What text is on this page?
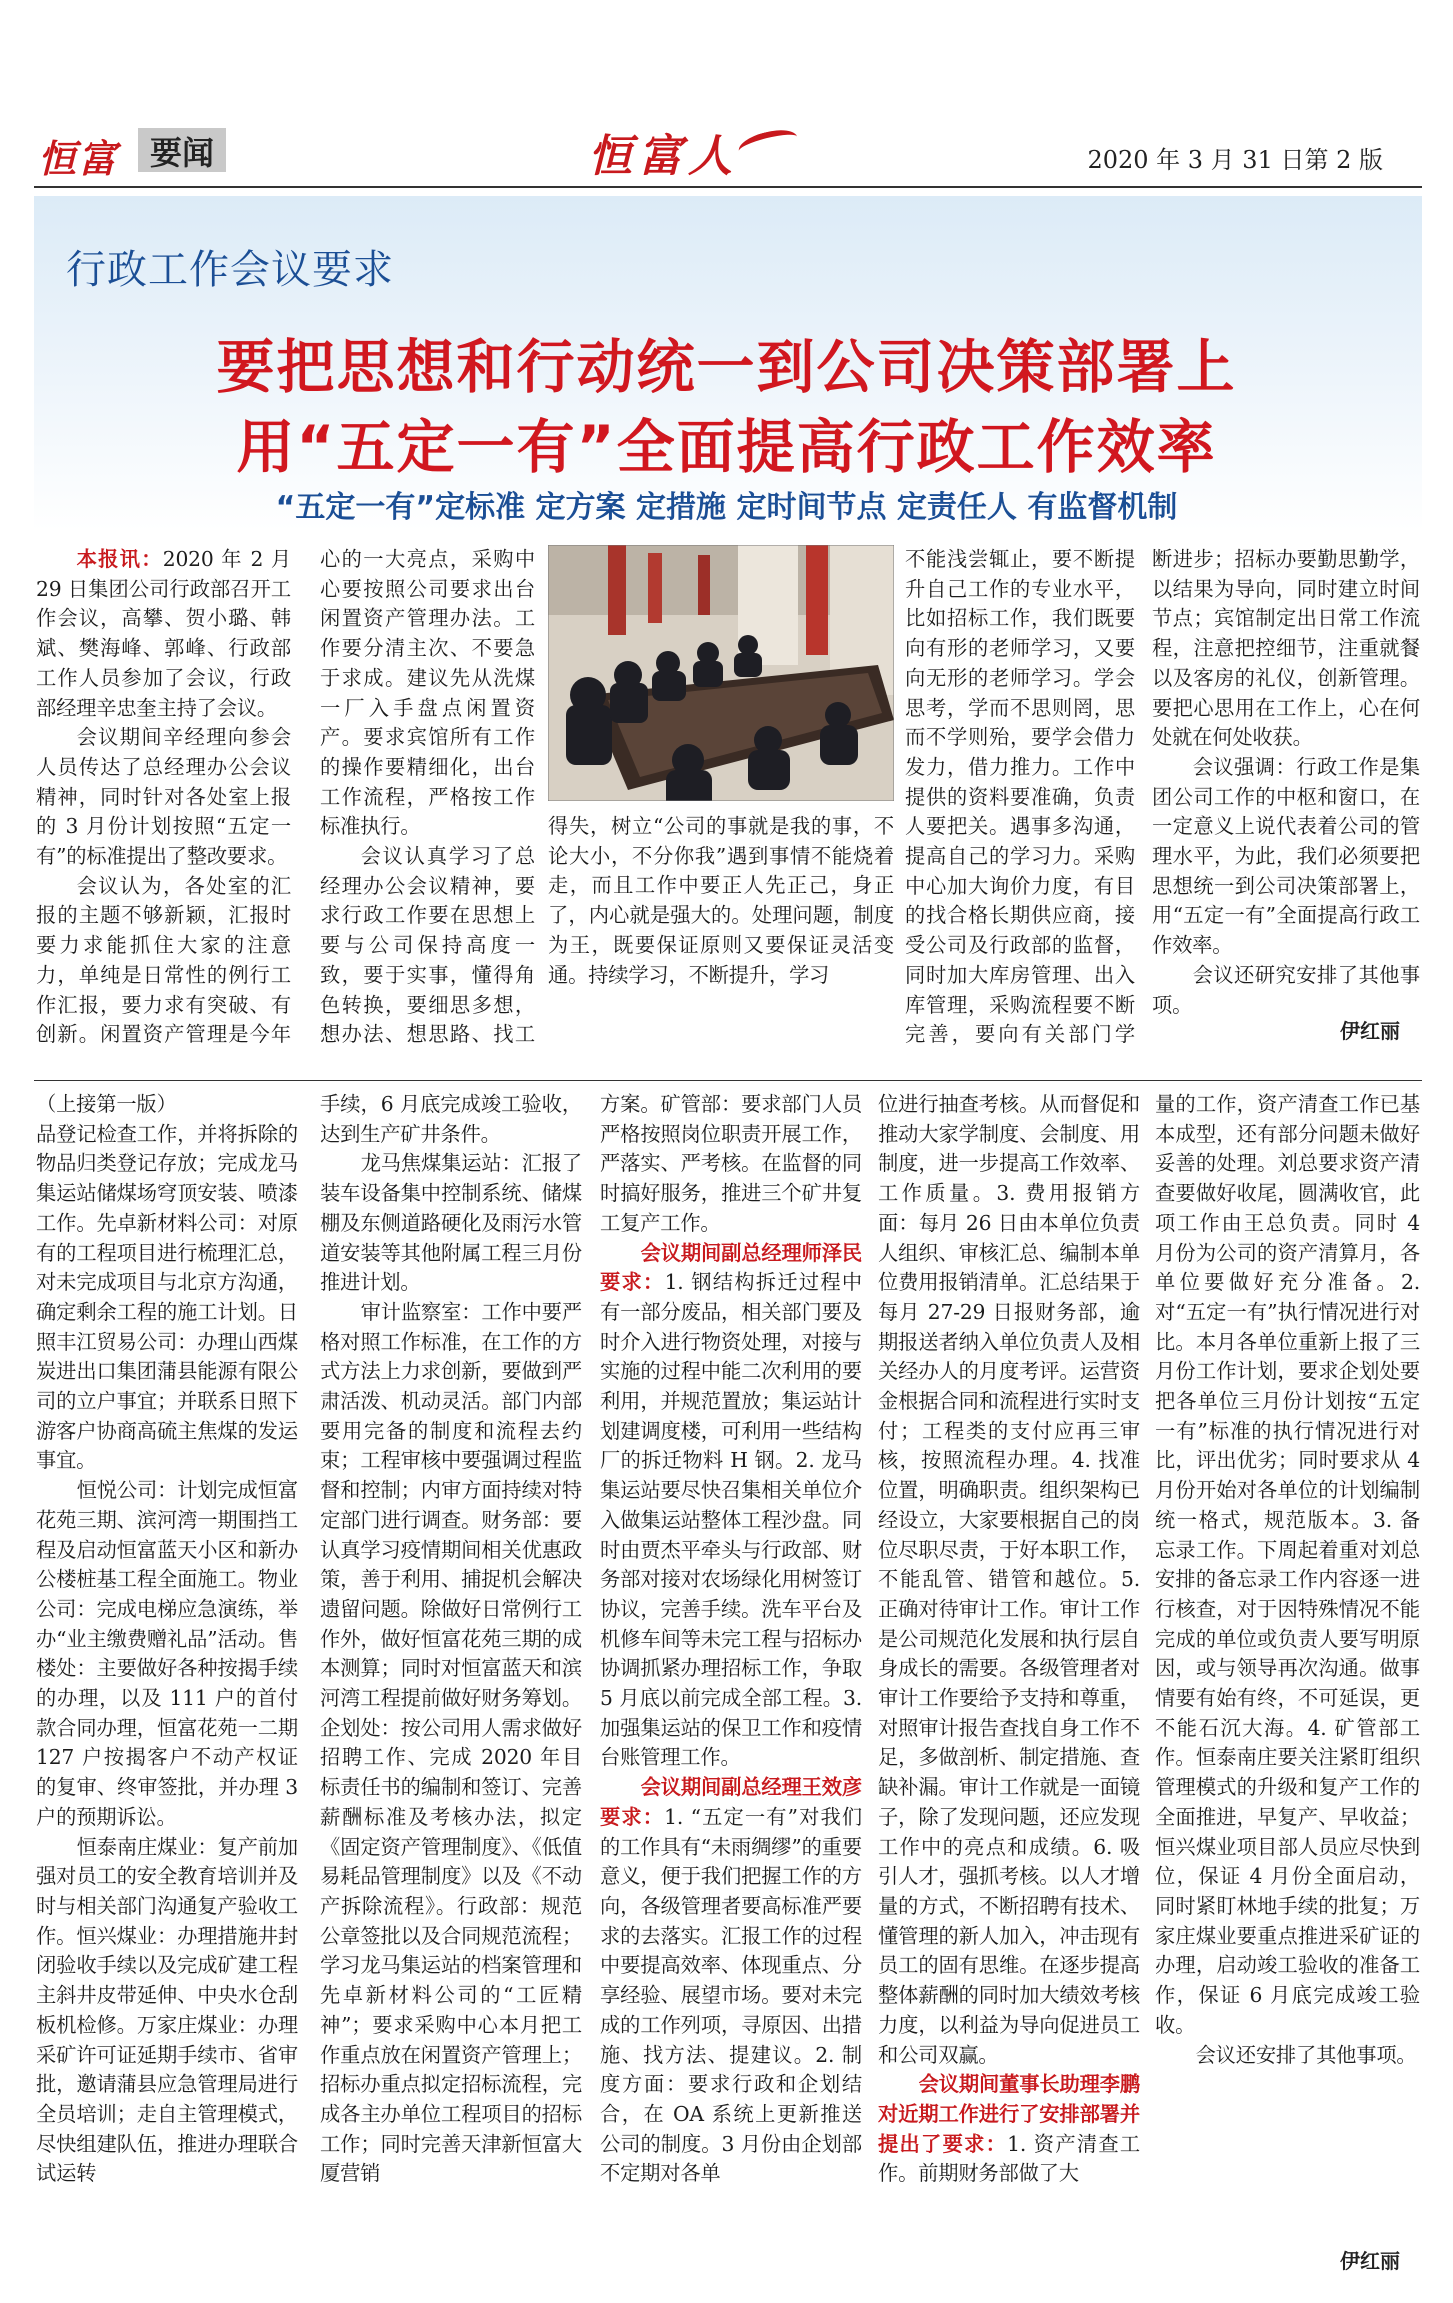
恒富 要闻	恒富人	2020 年 3 月 31 日第 2 版
行政工作会议要求
要把思想和行动统一到公司决策部署上
用“五定一有”全面提高行政工作效率
“五定一有”定标准 定方案 定措施 定时间节点 定责任人 有监督机制

本报讯：2020 年 2 月 29 日集团公司行政部召开工作会议，高攀、贺小璐、韩斌、樊海峰、郭峰、行政部工作人员参加了会议，行政部经理辛忠奎主持了会议。

会议期间辛经理向参会人员传达了总经理办公会议精神，同时针对各处室上报的 3 月份计划按照“五定一有”的标准提出了整改要求。

会议认为，各处室的汇报的主题不够新颖，汇报时要力求能抓住大家的注意力，单纯是日常性的例行工作汇报，要力求有突破、有创新。闲置资产管理是今年

心的一大亮点，采购中心要按照公司要求出台闲置资产管理办法。工作要分清主次、不要急于求成。建议先从洗煤一厂入手盘点闲置资产。要求宾馆所有工作的操作要精细化，出台工作流程，严格按工作标准执行。

会议认真学习了总经理办公会议精神，要求行政工作要在思想上要与公司保持高度一致，要于实事，懂得角色转换，要细思多想，想办法、想思路、找工

得失，树立“公司的事就是我的事，不论大小，不分你我”遇到事情不能烧着走，而且工作中要正人先正己，身正了，内心就是强大的。处理问题，制度为王，既要保证原则又要保证灵活变通。持续学习，不断提升，学习

不能浅尝辄止，要不断提升自己工作的专业水平，比如招标工作，我们既要向有形的老师学习，又要向无形的老师学习。学会思考，学而不思则罔，思而不学则殆，要学会借力发力，借力推力。工作中提供的资料要准确，负责人要把关。遇事多沟通，提高自己的学习力。采购中心加大询价力度，有目的找合格长期供应商，接受公司及行政部的监督，同时加大库房管理、出入库管理，采购流程要不断完善，要向有关部门学

断进步；招标办要勤思勤学，以结果为导向，同时建立时间节点；宾馆制定出日常工作流程，注意把控细节，注重就餐以及客房的礼仪，创新管理。要把心思用在工作上，心在何处就在何处收获。

会议强调：行政工作是集团公司工作的中枢和窗口，在一定意义上说代表着公司的管理水平，为此，我们必须要把思想统一到公司决策部署上，用“五定一有”全面提高行政工作效率。

会议还研究安排了其他事项。

伊红丽

（上接第一版）

品登记检查工作，并将拆除的物品归类登记存放；完成龙马集运站储煤场穹顶安装、喷漆工作。先卓新材料公司：对原有的工程项目进行梳理汇总，对未完成项目与北京方沟通，确定剩余工程的施工计划。日照丰江贸易公司：办理山西煤炭进出口集团蒲县能源有限公司的立户事宜；并联系日照下游客户协商高硫主焦煤的发运事宜。

恒悦公司：计划完成恒富花苑三期、滨河湾一期围挡工程及启动恒富蓝天小区和新办公楼桩基工程全面施工。物业公司：完成电梯应急演练，举办“业主缴费赠礼品”活动。售楼处：主要做好各种按揭手续的办理，以及 111 户的首付款合同办理，恒富花苑一二期 127 户按揭客户不动产权证的复审、终审签批，并办理 3 户的预期诉讼。

恒泰南庄煤业：复产前加强对员工的安全教育培训并及时与相关部门沟通复产验收工作。恒兴煤业：办理措施井封闭验收手续以及完成矿建工程主斜井皮带延伸、中央水仓刮板机检修。万家庄煤业：办理采矿许可证延期手续市、省审批，邀请蒲县应急管理局进行全员培训；走自主管理模式，尽快组建队伍，推进办理联合试运转

手续，6 月底完成竣工验收，达到生产矿井条件。

龙马焦煤集运站：汇报了装车设备集中控制系统、储煤棚及东侧道路硬化及雨污水管道安装等其他附属工程三月份推进计划。

审计监察室：工作中要严格对照工作标准，在工作的方式方法上力求创新，要做到严肃活泼、机动灵活。部门内部要用完备的制度和流程去约束；工程审核中要强调过程监督和控制；内审方面持续对特定部门进行调查。财务部：要认真学习疫情期间相关优惠政策，善于利用、捕捉机会解决遗留问题。除做好日常例行工作外，做好恒富花苑三期的成本测算；同时对恒富蓝天和滨河湾工程提前做好财务筹划。企划处：按公司用人需求做好招聘工作、完成 2020 年目标责任书的编制和签订、完善薪酬标准及考核办法，拟定《固定资产管理制度》、《低值易耗品管理制度》以及《不动产拆除流程》。行政部：规范公章签批以及合同规范流程；学习龙马集运站的档案管理和先卓新材料公司的“工匠精神”；要求采购中心本月把工作重点放在闲置资产管理上；招标办重点拟定招标流程，完成各主办单位工程项目的招标工作；同时完善天津新恒富大厦营销

方案。矿管部：要求部门人员严格按照岗位职责开展工作，严落实、严考核。在监督的同时搞好服务，推进三个矿井复工复产工作。

会议期间副总经理师泽民要求：1. 钢结构拆迁过程中有一部分废品，相关部门要及时介入进行物资处理，对接与实施的过程中能二次利用的要利用，并规范置放；集运站计划建调度楼，可利用一些结构厂的拆迁物料 H 钢。2. 龙马集运站要尽快召集相关单位介入做集运站整体工程沙盘。同时由贾杰平牵头与行政部、财务部对接对农场绿化用树签订协议，完善手续。洗车平台及机修车间等未完工程与招标办协调抓紧办理招标工作，争取 5 月底以前完成全部工程。3. 加强集运站的保卫工作和疫情台账管理工作。

会议期间副总经理王效彦要求：1. “五定一有”对我们的工作具有“未雨绸缪”的重要意义，便于我们把握工作的方向，各级管理者要高标准严要求的去落实。汇报工作的过程中要提高效率、体现重点、分享经验、展望市场。要对未完成的工作列项，寻原因、出措施、找方法、提建议。2. 制度方面：要求行政和企划结合，在 OA 系统上更新推送公司的制度。3 月份由企划部不定期对各单

位进行抽查考核。从而督促和推动大家学制度、会制度、用制度，进一步提高工作效率、工作质量。3. 费用报销方面：每月 26 日由本单位负责人组织、审核汇总、编制本单位费用报销清单。汇总结果于每月 27-29 日报财务部，逾期报送者纳入单位负责人及相关经办人的月度考评。运营资金根据合同和流程进行实时支付；工程类的支付应再三审核，按照流程办理。4. 找准位置，明确职责。组织架构已经设立，大家要根据自己的岗位尽职尽责，于好本职工作，不能乱管、错管和越位。5. 正确对待审计工作。审计工作是公司规范化发展和执行层自身成长的需要。各级管理者对审计工作要给予支持和尊重，对照审计报告查找自身工作不足，多做剖析、制定措施、查缺补漏。审计工作就是一面镜子，除了发现问题，还应发现工作中的亮点和成绩。6. 吸引人才，强抓考核。以人才增量的方式，不断招聘有技术、懂管理的新人加入，冲击现有员工的固有思维。在逐步提高整体薪酬的同时加大绩效考核力度，以利益为导向促进员工和公司双赢。

会议期间董事长助理李鹏对近期工作进行了安排部署并提出了要求：1. 资产清查工作。前期财务部做了大

量的工作，资产清查工作已基本成型，还有部分问题未做好妥善的处理。刘总要求资产清查要做好收尾，圆满收官，此项工作由王总负责。同时 4 月份为公司的资产清算月，各单位要做好充分准备。2. 对“五定一有”执行情况进行对比。本月各单位重新上报了三月份工作计划，要求企划处要把各单位三月份计划按“五定一有”标准的执行情况进行对比，评出优劣；同时要求从 4 月份开始对各单位的计划编制统一格式，规范版本。3. 备忘录工作。下周起着重对刘总安排的备忘录工作内容逐一进行核查，对于因特殊情况不能完成的单位或负责人要写明原因，或与领导再次沟通。做事情要有始有终，不可延误，更不能石沉大海。4. 矿管部工作。恒泰南庄要关注紧盯组织管理模式的升级和复产工作的全面推进，早复产、早收益；恒兴煤业项目部人员应尽快到位，保证 4 月份全面启动，同时紧盯林地手续的批复；万家庄煤业要重点推进采矿证的办理，启动竣工验收的准备工作，保证 6 月底完成竣工验收。

会议还安排了其他事项。

伊红丽
